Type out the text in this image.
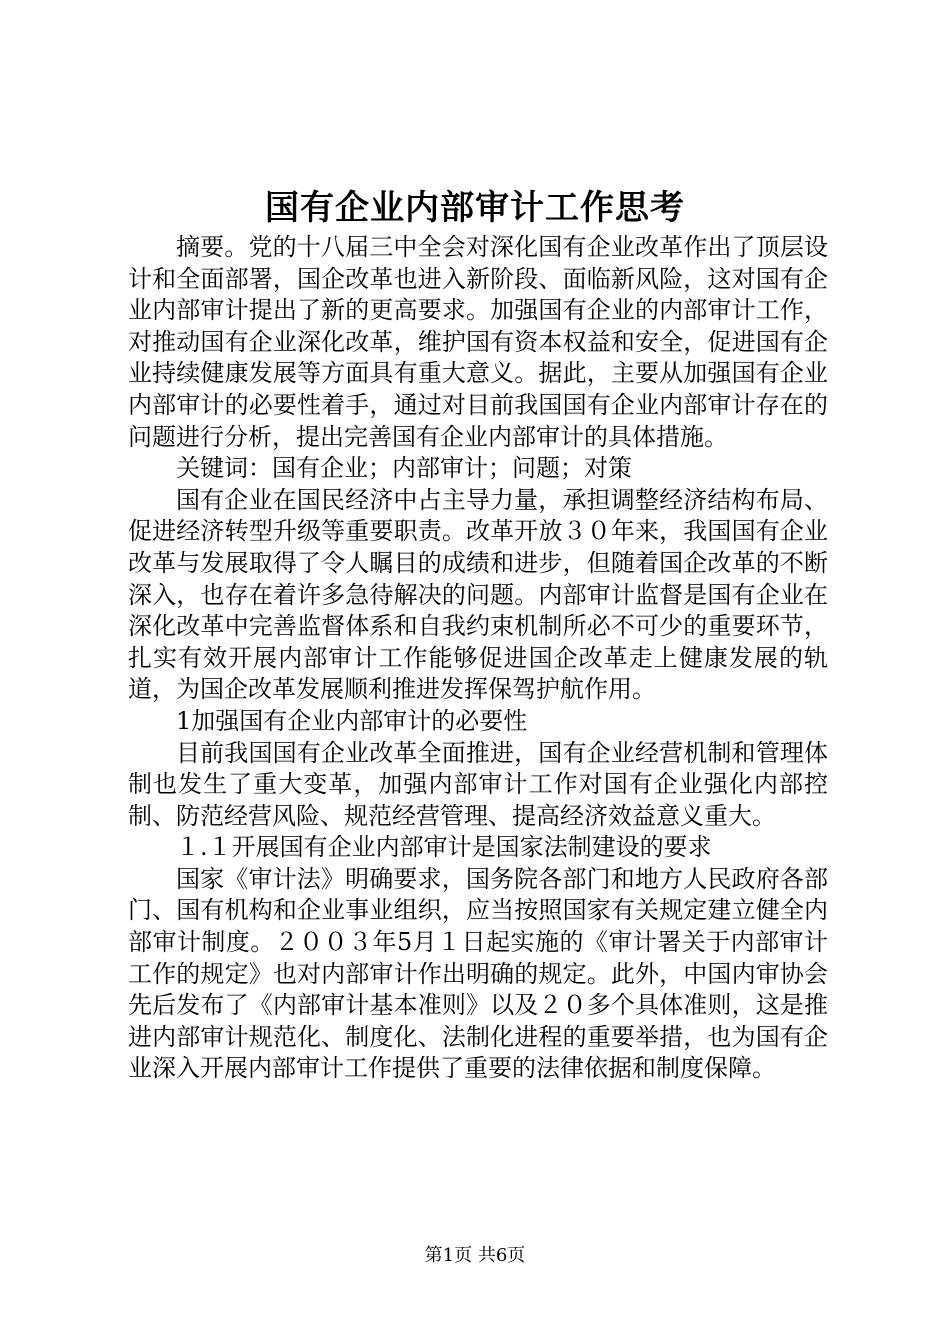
国有企业内部审计工作思考

摘要。党的十八届三中全会对深化国有企业改革作出了顶层设计和全面部署，国企改革也进入新阶段、面临新风险，这对国有企业内部审计提出了新的更高要求。加强国有企业的内部审计工作，对推动国有企业深化改革，维护国有资本权益和安全，促进国有企业持续健康发展等方面具有重大意义。据此，主要从加强国有企业内部审计的必要性着手，通过对目前我国国有企业内部审计存在的问题进行分析，提出完善国有企业内部审计的具体措施。

关键词：国有企业；内部审计；问题；对策

国有企业在国民经济中占主导力量，承担调整经济结构布局、促进经济转型升级等重要职责。改革开放３０年来，我国国有企业改革与发展取得了令人瞩目的成绩和进步，但随着国企改革的不断深入，也存在着许多急待解决的问题。内部审计监督是国有企业在深化改革中完善监督体系和自我约束机制所必不可少的重要环节，扎实有效开展内部审计工作能够促进国企改革走上健康发展的轨道，为国企改革发展顺利推进发挥保驾护航作用。

1加强国有企业内部审计的必要性

目前我国国有企业改革全面推进，国有企业经营机制和管理体制也发生了重大变革，加强内部审计工作对国有企业强化内部控制、防范经营风险、规范经营管理、提高经济效益意义重大。

１.１开展国有企业内部审计是国家法制建设的要求

国家《审计法》明确要求，国务院各部门和地方人民政府各部门、国有机构和企业事业组织，应当按照国家有关规定建立健全内部审计制度。２００３年5月１日起实施的《审计署关于内部审计工作的规定》也对内部审计作出明确的规定。此外，中国内审协会先后发布了《内部审计基本准则》以及２０多个具体准则，这是推进内部审计规范化、制度化、法制化进程的重要举措，也为国有企业深入开展内部审计工作提供了重要的法律依据和制度保障。

第1页 共6页
